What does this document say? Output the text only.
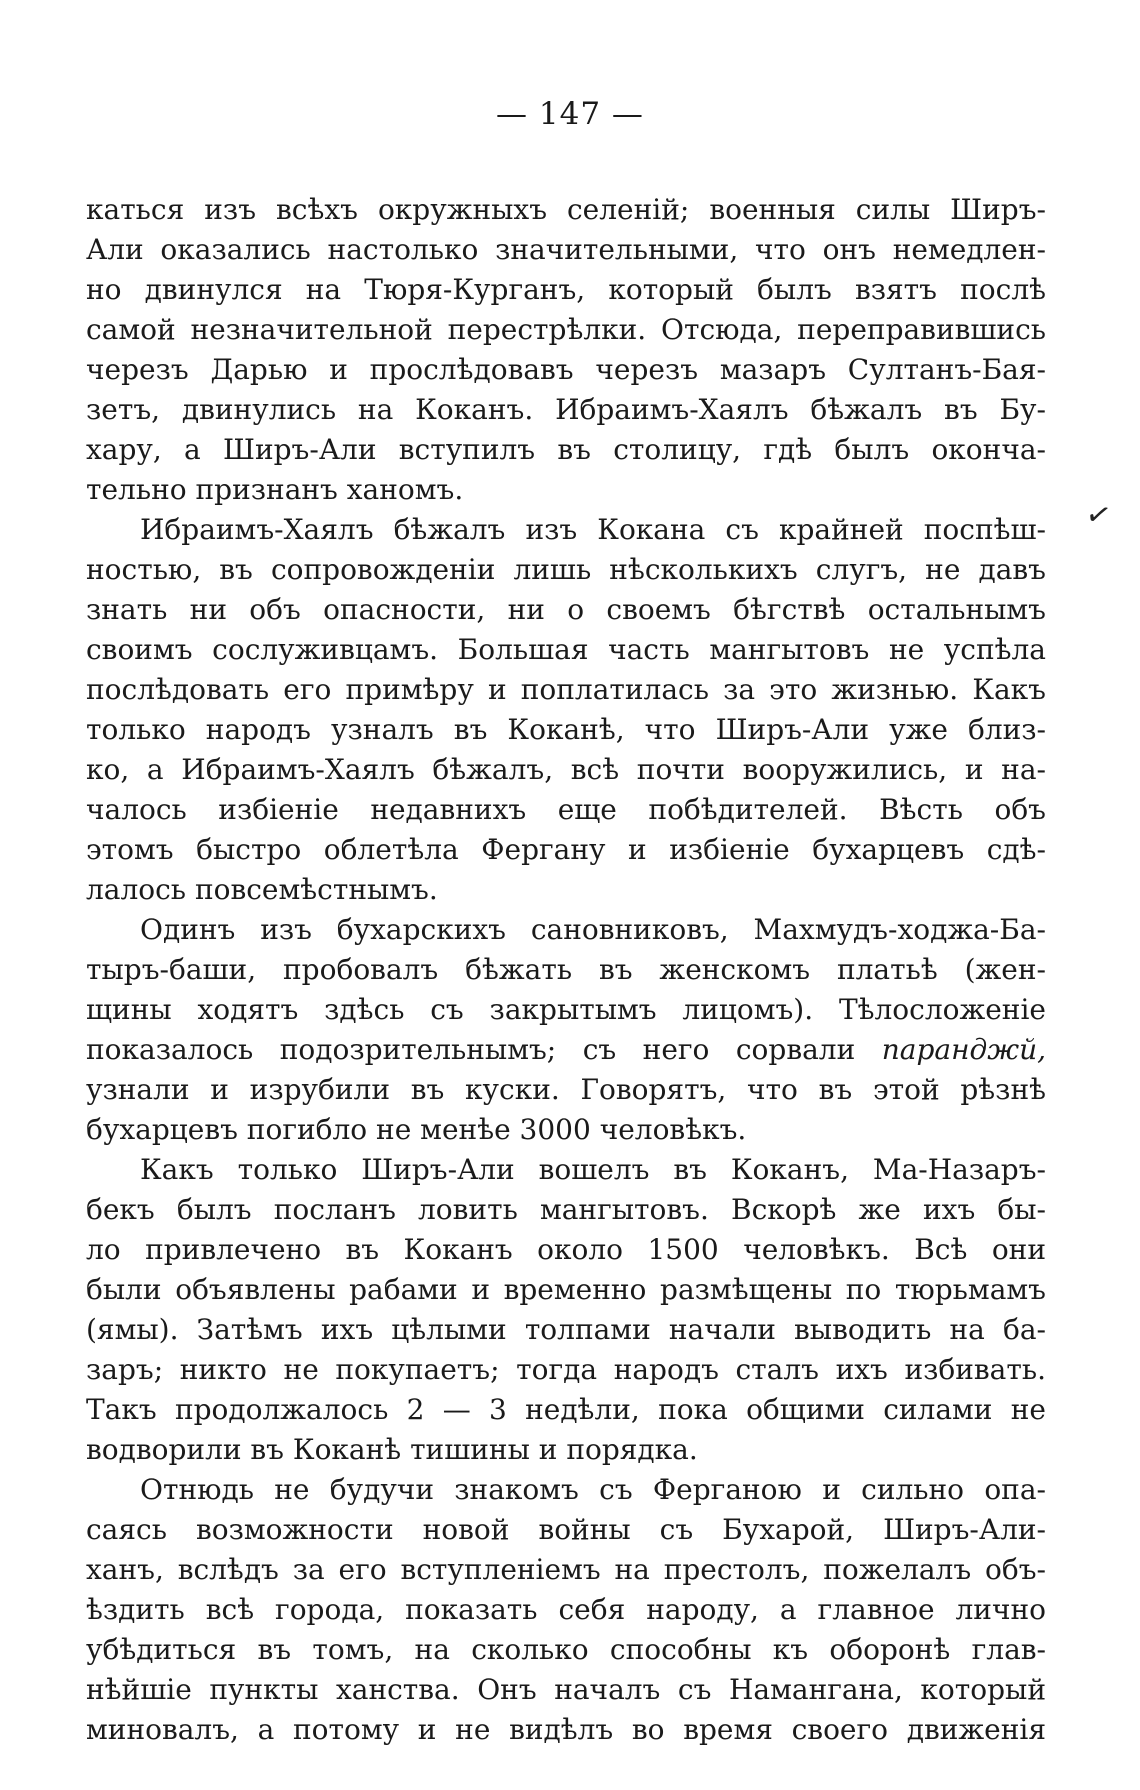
— 147 —
✓
каться изъ всѣхъ окружныхъ селеній; военныя силы Ширъ-
Али оказались настолько значительными, что онъ немедлен-
но двинулся на Тюря-Курганъ, который былъ взятъ послѣ
самой незначительной перестрѣлки. Отсюда, переправившись
черезъ Дарью и прослѣдовавъ черезъ мазаръ Султанъ-Бая-
зетъ, двинулись на Коканъ. Ибраимъ-Хаялъ бѣжалъ въ Бу-
хару, а Ширъ-Али вступилъ въ столицу, гдѣ былъ оконча-
тельно признанъ ханомъ.
Ибраимъ-Хаялъ бѣжалъ изъ Кокана съ крайней поспѣш-
ностью, въ сопровожденіи лишь нѣсколькихъ слугъ, не давъ
знать ни объ опасности, ни о своемъ бѣгствѣ остальнымъ
своимъ сослуживцамъ. Большая часть мангытовъ не успѣла
послѣдовать его примѣру и поплатилась за это жизнью. Какъ
только народъ узналъ въ Коканѣ, что Ширъ-Али уже близ-
ко, а Ибраимъ-Хаялъ бѣжалъ, всѣ почти вооружились, и на-
чалось избіеніе недавнихъ еще побѣдителей. Вѣсть объ
этомъ быстро облетѣла Фергану и избіеніе бухарцевъ сдѣ-
лалось повсемѣстнымъ.
Одинъ изъ бухарскихъ сановниковъ, Махмудъ-ходжа-Ба-
тыръ-баши, пробовалъ бѣжать въ женскомъ платьѣ (жен-
щины ходятъ здѣсь съ закрытымъ лицомъ). Тѣлосложеніе
показалось подозрительнымъ; съ него сорвали паранджй,
узнали и изрубили въ куски. Говорятъ, что въ этой рѣзнѣ
бухарцевъ погибло не менѣе 3000 человѣкъ.
Какъ только Ширъ-Али вошелъ въ Коканъ, Ма-Назаръ-
бекъ былъ посланъ ловить мангытовъ. Вскорѣ же ихъ бы-
ло привлечено въ Коканъ около 1500 человѣкъ. Всѣ они
были объявлены рабами и временно размѣщены по тюрьмамъ
(ямы). Затѣмъ ихъ цѣлыми толпами начали выводить на ба-
заръ; никто не покупаетъ; тогда народъ сталъ ихъ избивать.
Такъ продолжалось 2 — 3 недѣли, пока общими силами не
водворили въ Коканѣ тишины и порядка.
Отнюдь не будучи знакомъ съ Ферганою и сильно опа-
саясь возможности новой войны съ Бухарой, Ширъ-Али-
ханъ, вслѣдъ за его вступленіемъ на престолъ, пожелалъ объ-
ѣздить всѣ города, показать себя народу, а главное лично
убѣдиться въ томъ, на сколько способны къ оборонѣ глав-
нѣйшіе пункты ханства. Онъ началъ съ Намангана, который
миновалъ, а потому и не видѣлъ во время своего движенія
